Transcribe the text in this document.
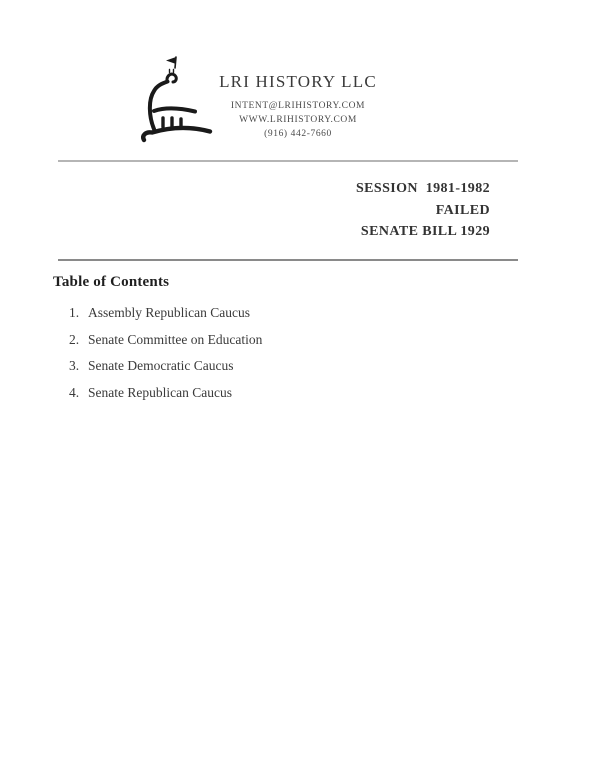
LRI HISTORY LLC
INTENT@LRIHISTORY.COM
WWW.LRIHISTORY.COM
(916) 442-7660
SESSION  1981-1982
FAILED
SENATE BILL 1929
Table of Contents
1. Assembly Republican Caucus
2. Senate Committee on Education
3. Senate Democratic Caucus
4. Senate Republican Caucus
